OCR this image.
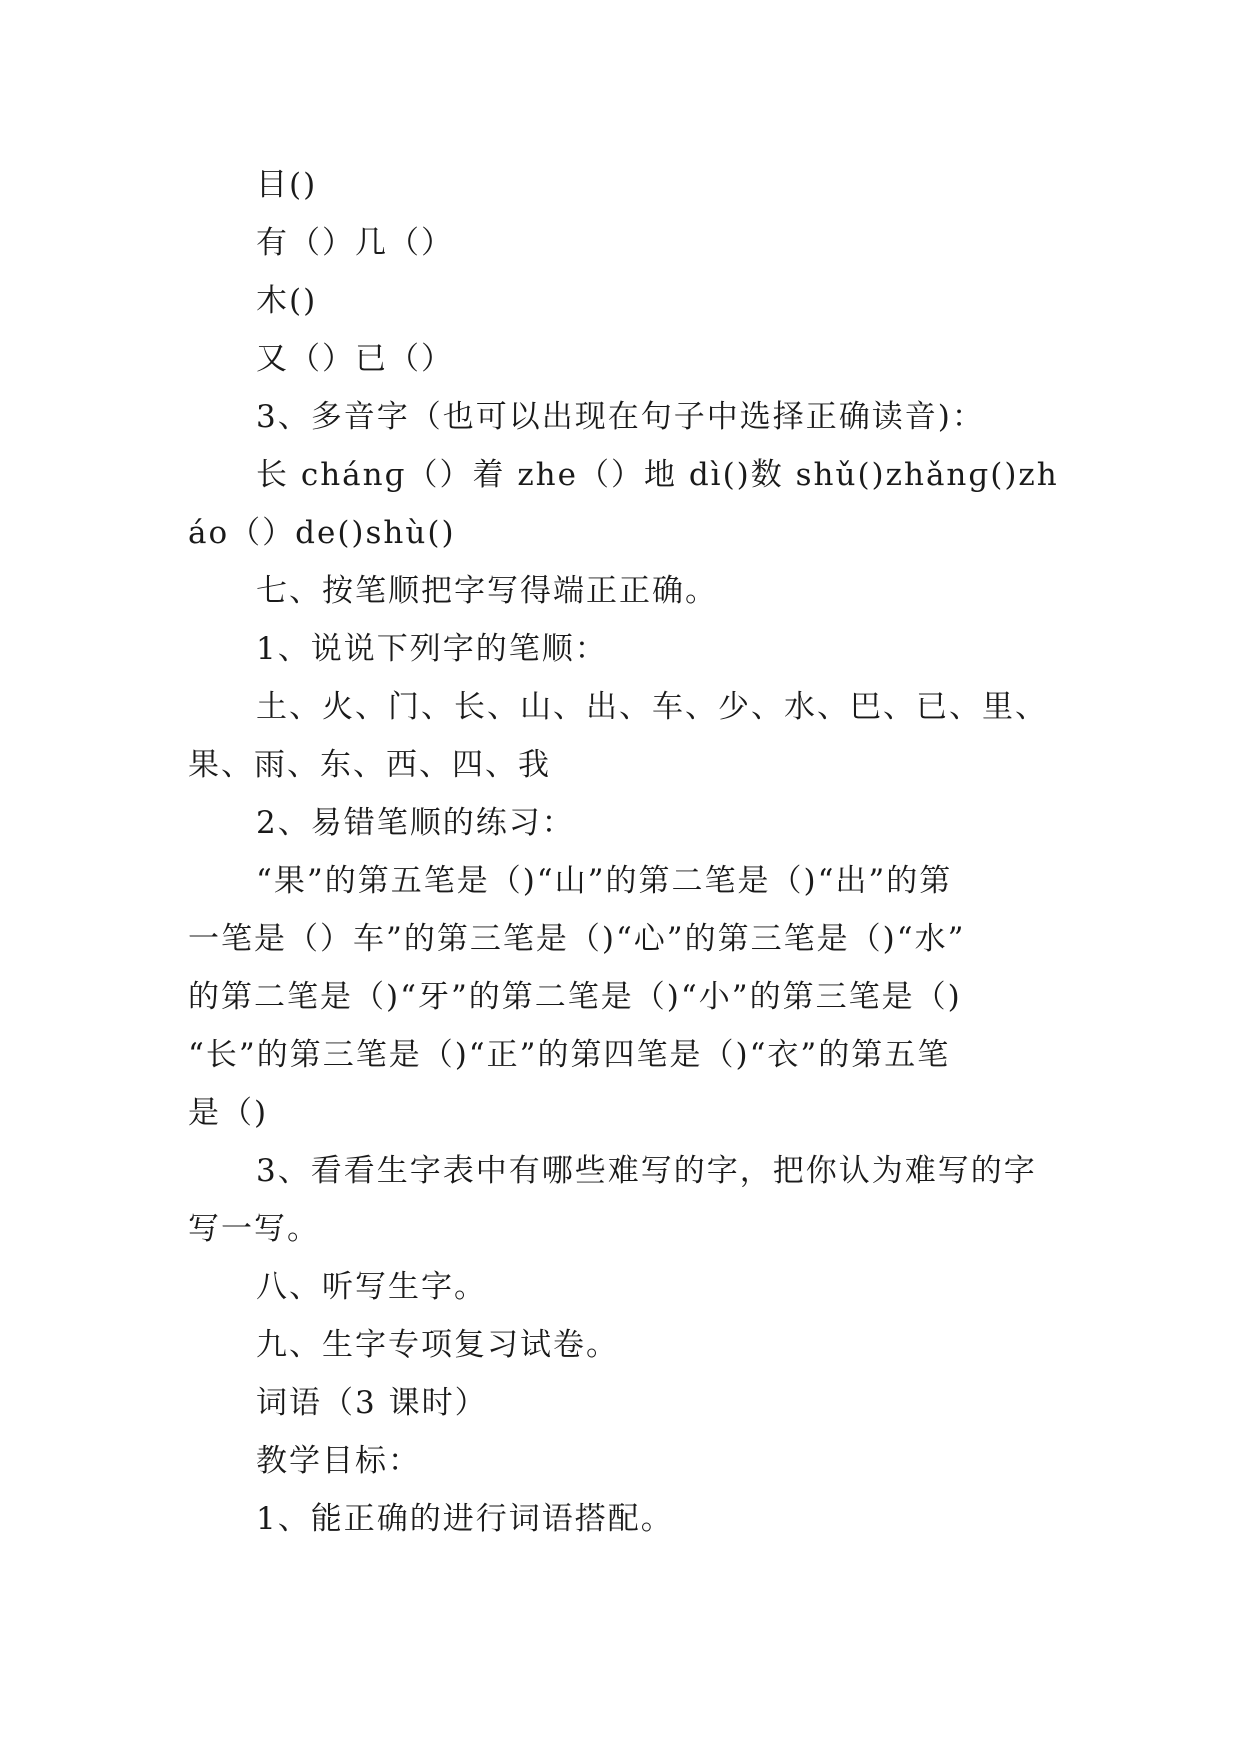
目()
有（）几（）
木()
又（）已（）
3、多音字（也可以出现在句子中选择正确读音)：
长 chánɡ（）着 zhe（）地 dì()数 shǔ()zhǎnɡ()zh
áo（）de()shù()
七、按笔顺把字写得端正正确。
1、说说下列字的笔顺：
土、火、门、长、山、出、车、少、水、巴、已、里、
果、雨、东、西、四、我
2、易错笔顺的练习：
“果”的第五笔是（)“山”的第二笔是（)“出”的第
一笔是（）车”的第三笔是（)“心”的第三笔是（)“水”
的第二笔是（)“牙”的第二笔是（)“小”的第三笔是（)
“长”的第三笔是（)“正”的第四笔是（)“衣”的第五笔
是（)
3、看看生字表中有哪些难写的字，把你认为难写的字
写一写。
八、听写生字。
九、生字专项复习试卷。
词语（3 课时）
教学目标：
1、能正确的进行词语搭配。
